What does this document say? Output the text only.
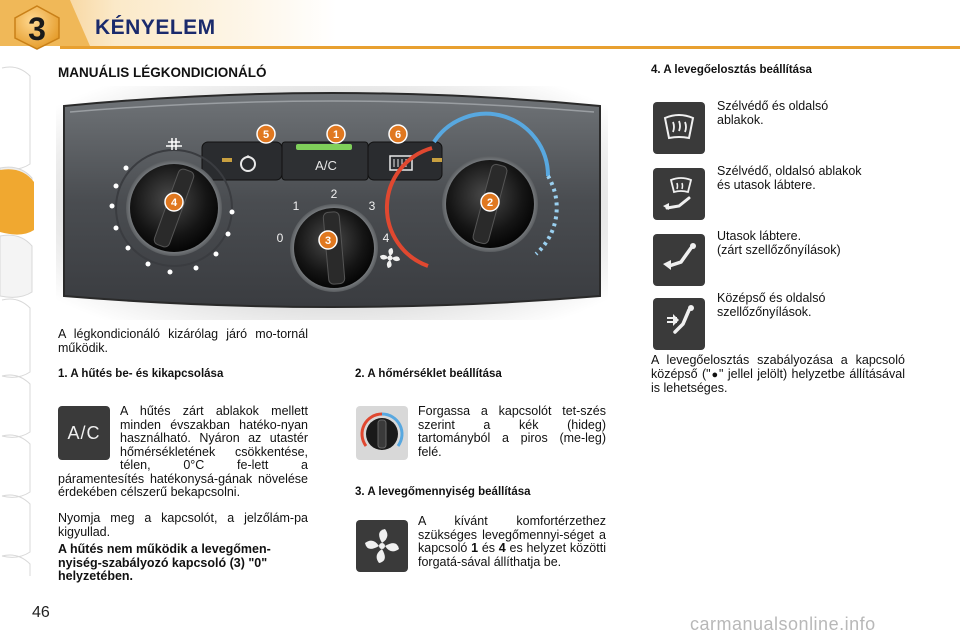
3	KÉNYELEM
MANUÁLIS LÉGKONDICIONÁLÓ
A/C
0
1
2
3
4
5	1	6
4	2
3
A légkondicionáló kizárólag járó mo-tornál működik.
1. A hűtés be- és kikapcsolása
A/C
A hűtés zárt ablakok mellett minden évszakban hatéko-nyan használható. Nyáron az utastér hőmérsékletének csökkentése, télen, 0°C fe-lett a páramentesítés hatékonysá-gának növelése érdekében célszerű bekapcsolni.
Nyomja meg a kapcsolót, a jelzőlám-pa kigyullad.
A hűtés nem működik a levegőmen-nyiség-szabályozó kapcsoló (3) "0" helyzetében.
2. A hőmérséklet beállítása
Forgassa a kapcsolót tet-szés szerint a kék (hideg) tartományból a piros (me-leg) felé.
3. A levegőmennyiség beállítása
A kívánt komfortérzethez szükséges levegőmennyi-séget a kapcsoló 1 és 4 es helyzet közötti forgatá-sával állíthatja be.
4. A levegőelosztás beállítása
Szélvédő és oldalsó
ablakok.
Szélvédő, oldalsó ablakok
és utasok lábtere.
Utasok lábtere.
(zárt szellőzőnyílások)
Középső és oldalsó
szellőzőnyílások.
A levegőelosztás szabályozása a kapcsoló középső ("●" jellel jelölt) helyzetbe állításával is lehetséges.
46
carmanualsonline.info
